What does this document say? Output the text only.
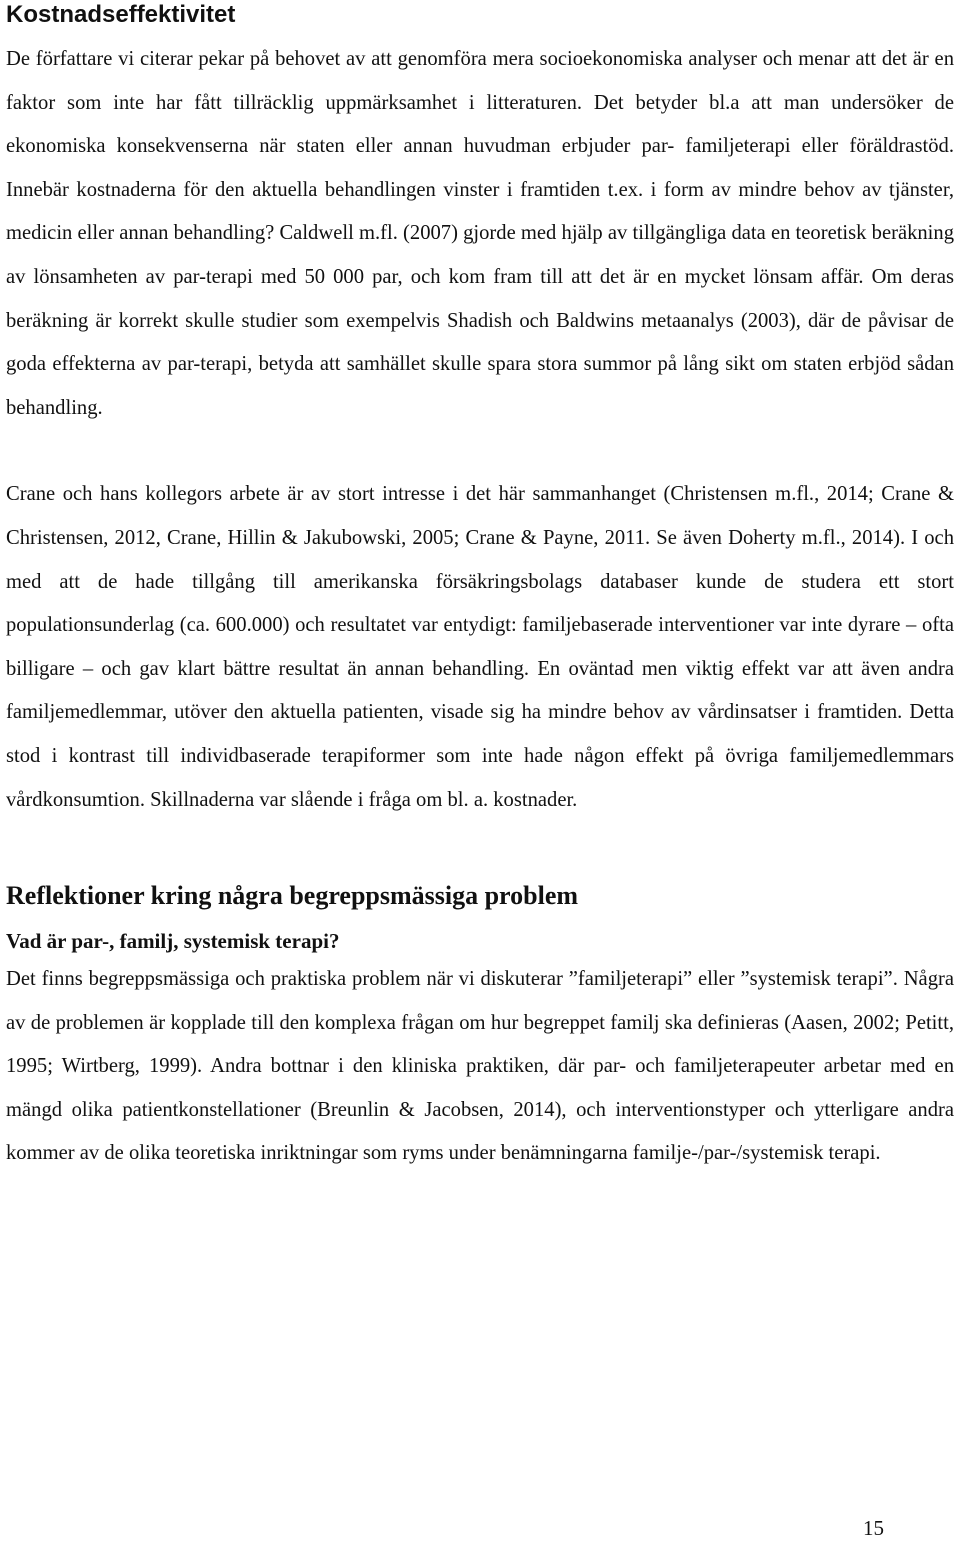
Kostnadseffektivitet

De författare vi citerar pekar på behovet av att genomföra mera socioekonomiska analyser och menar att det är en faktor som inte har fått tillräcklig uppmärksamhet i litteraturen. Det betyder bl.a att man undersöker de ekonomiska konsekvenserna när staten eller annan huvudman erbjuder par- familjeterapi eller föräldrastöd. Innebär kostnaderna för den aktuella behandlingen vinster i framtiden t.ex. i form av mindre behov av tjänster, medicin eller annan behandling? Caldwell m.fl. (2007) gjorde med hjälp av tillgängliga data en teoretisk beräkning av lönsamheten av par-terapi med 50 000 par, och kom fram till att det är en mycket lönsam affär. Om deras beräkning är korrekt skulle studier som exempelvis Shadish och Baldwins metaanalys (2003), där de påvisar de goda effekterna av par-terapi, betyda att samhället skulle spara stora summor på lång sikt om staten erbjöd sådan behandling.

Crane och hans kollegors arbete är av stort intresse i det här sammanhanget (Christensen m.fl., 2014; Crane & Christensen, 2012, Crane, Hillin & Jakubowski, 2005; Crane & Payne, 2011. Se även Doherty m.fl., 2014). I och med att de hade tillgång till amerikanska försäkringsbolags databaser kunde de studera ett stort populationsunderlag (ca. 600.000) och resultatet var entydigt: familjebaserade interventioner var inte dyrare – ofta billigare – och gav klart bättre resultat än annan behandling. En oväntad men viktig effekt var att även andra familjemedlemmar, utöver den aktuella patienten, visade sig ha mindre behov av vårdinsatser i framtiden. Detta stod i kontrast till individbaserade terapiformer som inte hade någon effekt på övriga familjemedlemmars vårdkonsumtion. Skillnaderna var slående i fråga om bl. a. kostnader.

Reflektioner kring några begreppsmässiga problem
Vad är par-, familj, systemisk terapi?

Det finns begreppsmässiga och praktiska problem när vi diskuterar ”familjeterapi” eller ”systemisk terapi”. Några av de problemen är kopplade till den komplexa frågan om hur begreppet familj ska definieras (Aasen, 2002; Petitt, 1995; Wirtberg, 1999). Andra bottnar i den kliniska praktiken, där par- och familjeterapeuter arbetar med en mängd olika patientkonstellationer (Breunlin & Jacobsen, 2014), och interventionstyper och ytterligare andra kommer av de olika teoretiska inriktningar som ryms under benämningarna familje-/par-/systemisk terapi.

15
